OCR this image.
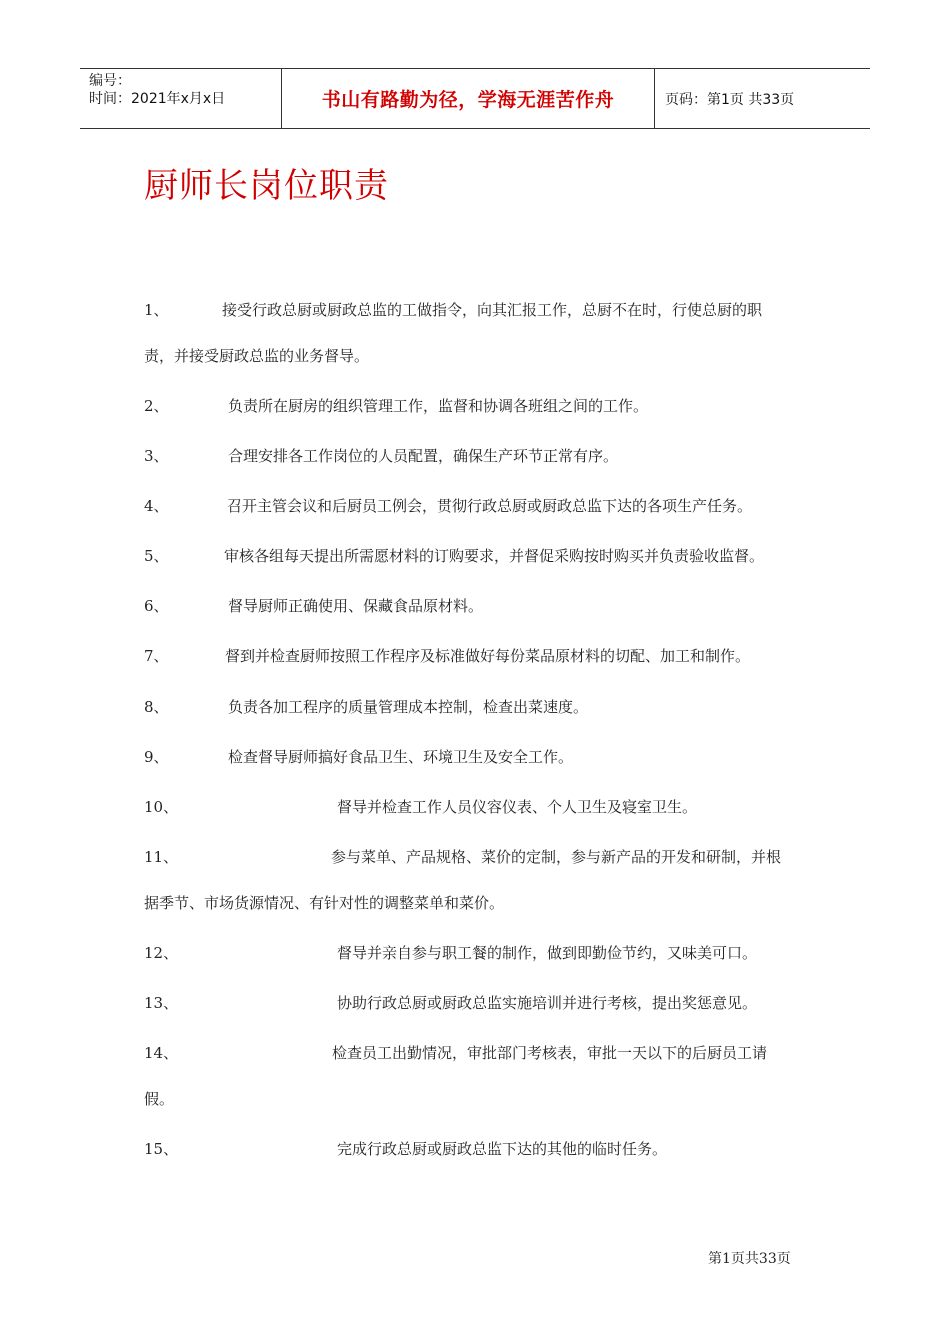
编号：
时间：2021年x月x日	书山有路勤为径，学海无涯苦作舟	页码：第1页 共33页
厨师长岗位职责
1、	接受行政总厨或厨政总监的工做指令，向其汇报工作，总厨不在时，行使总厨的职
责，并接受厨政总监的业务督导。
2、	负责所在厨房的组织管理工作，监督和协调各班组之间的工作。
3、	合理安排各工作岗位的人员配置，确保生产环节正常有序。
4、	召开主管会议和后厨员工例会，贯彻行政总厨或厨政总监下达的各项生产任务。
5、	审核各组每天提出所需愿材料的订购要求，并督促采购按时购买并负责验收监督。
6、	督导厨师正确使用、保藏食品原材料。
7、	督到并检查厨师按照工作程序及标准做好每份菜品原材料的切配、加工和制作。
8、	负责各加工程序的质量管理成本控制，检查出菜速度。
9、	检查督导厨师搞好食品卫生、环境卫生及安全工作。
10、	督导并检查工作人员仪容仪表、个人卫生及寝室卫生。
11、	参与菜单、产品规格、菜价的定制，参与新产品的开发和研制，并根
据季节、市场货源情况、有针对性的调整菜单和菜价。
12、	督导并亲自参与职工餐的制作，做到即勤俭节约，又味美可口。
13、	协助行政总厨或厨政总监实施培训并进行考核，提出奖惩意见。
14、	检查员工出勤情况，审批部门考核表，审批一天以下的后厨员工请
假。
15、	完成行政总厨或厨政总监下达的其他的临时任务。
第1页共33页
